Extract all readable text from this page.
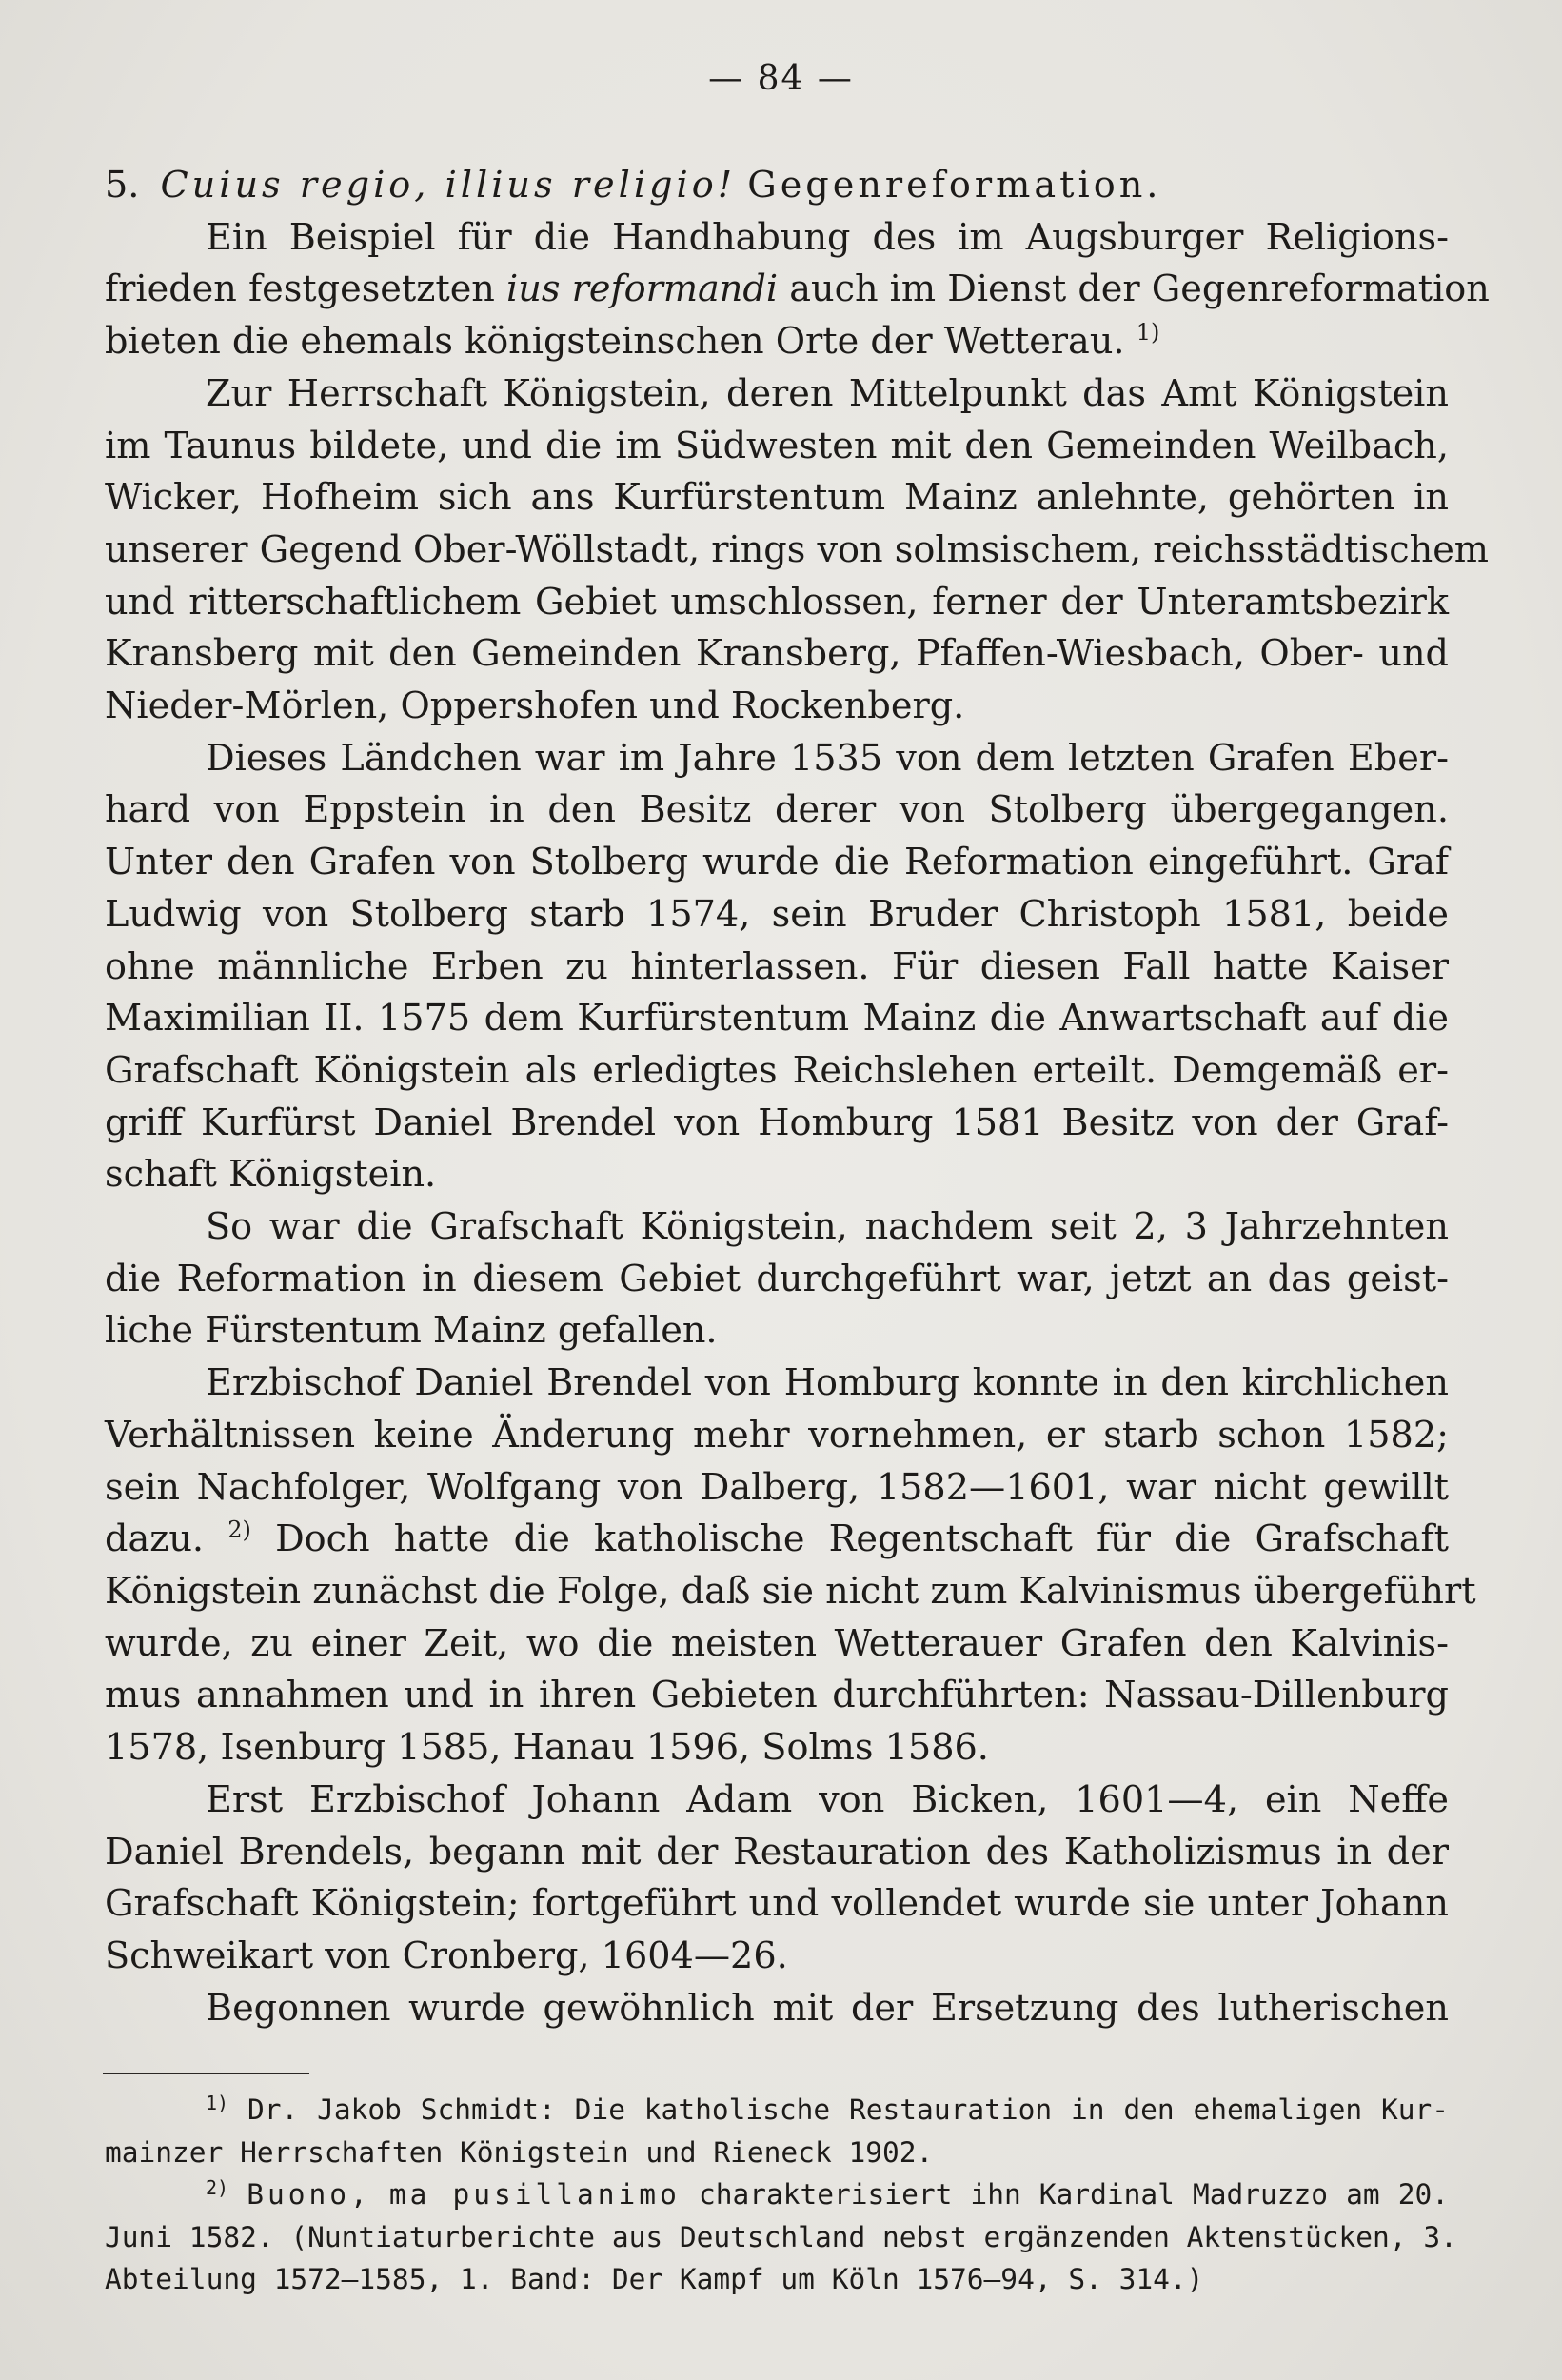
— 84 —
5. Cuius regio, illius religio! Gegenreformation.
Ein Beispiel für die Handhabung des im Augsburger Religions-
frieden festgesetzten ius reformandi auch im Dienst der Gegenreformation
bieten die ehemals königsteinschen Orte der Wetterau. $^{1)}$
Zur Herrschaft Königstein, deren Mittelpunkt das Amt Königstein
im Taunus bildete, und die im Südwesten mit den Gemeinden Weilbach,
Wicker, Hofheim sich ans Kurfürstentum Mainz anlehnte, gehörten in
unserer Gegend Ober-Wöllstadt, rings von solmsischem, reichsstädtischem
und ritterschaftlichem Gebiet umschlossen, ferner der Unteramtsbezirk
Kransberg mit den Gemeinden Kransberg, Pfaffen-Wiesbach, Ober- und
Nieder-Mörlen, Oppershofen und Rockenberg.
Dieses Ländchen war im Jahre 1535 von dem letzten Grafen Eber-
hard von Eppstein in den Besitz derer von Stolberg übergegangen.
Unter den Grafen von Stolberg wurde die Reformation eingeführt. Graf
Ludwig von Stolberg starb 1574, sein Bruder Christoph 1581, beide
ohne männliche Erben zu hinterlassen. Für diesen Fall hatte Kaiser
Maximilian II. 1575 dem Kurfürstentum Mainz die Anwartschaft auf die
Grafschaft Königstein als erledigtes Reichslehen erteilt. Demgemäß er-
griff Kurfürst Daniel Brendel von Homburg 1581 Besitz von der Graf-
schaft Königstein.
So war die Grafschaft Königstein, nachdem seit 2, 3 Jahrzehnten
die Reformation in diesem Gebiet durchgeführt war, jetzt an das geist-
liche Fürstentum Mainz gefallen.
Erzbischof Daniel Brendel von Homburg konnte in den kirchlichen
Verhältnissen keine Änderung mehr vornehmen, er starb schon 1582;
sein Nachfolger, Wolfgang von Dalberg, 1582—1601, war nicht gewillt
dazu. $^{2)}$ Doch hatte die katholische Regentschaft für die Grafschaft
Königstein zunächst die Folge, daß sie nicht zum Kalvinismus übergeführt
wurde, zu einer Zeit, wo die meisten Wetterauer Grafen den Kalvinis-
mus annahmen und in ihren Gebieten durchführten: Nassau-Dillenburg
1578, Isenburg 1585, Hanau 1596, Solms 1586.
Erst Erzbischof Johann Adam von Bicken, 1601—4, ein Neffe
Daniel Brendels, begann mit der Restauration des Katholizismus in der
Grafschaft Königstein; fortgeführt und vollendet wurde sie unter Johann
Schweikart von Cronberg, 1604—26.
Begonnen wurde gewöhnlich mit der Ersetzung des lutherischen
$^{1)}$ Dr. Jakob Schmidt: Die katholische Restauration in den ehemaligen Kur-
mainzer Herrschaften Königstein und Rieneck 1902.
$^{2)}$ Buono, ma pusillanimo charakterisiert ihn Kardinal Madruzzo am 20.
Juni 1582. (Nuntiaturberichte aus Deutschland nebst ergänzenden Aktenstücken, 3.
Abteilung 1572—1585, 1. Band: Der Kampf um Köln 1576—94, S. 314.)
